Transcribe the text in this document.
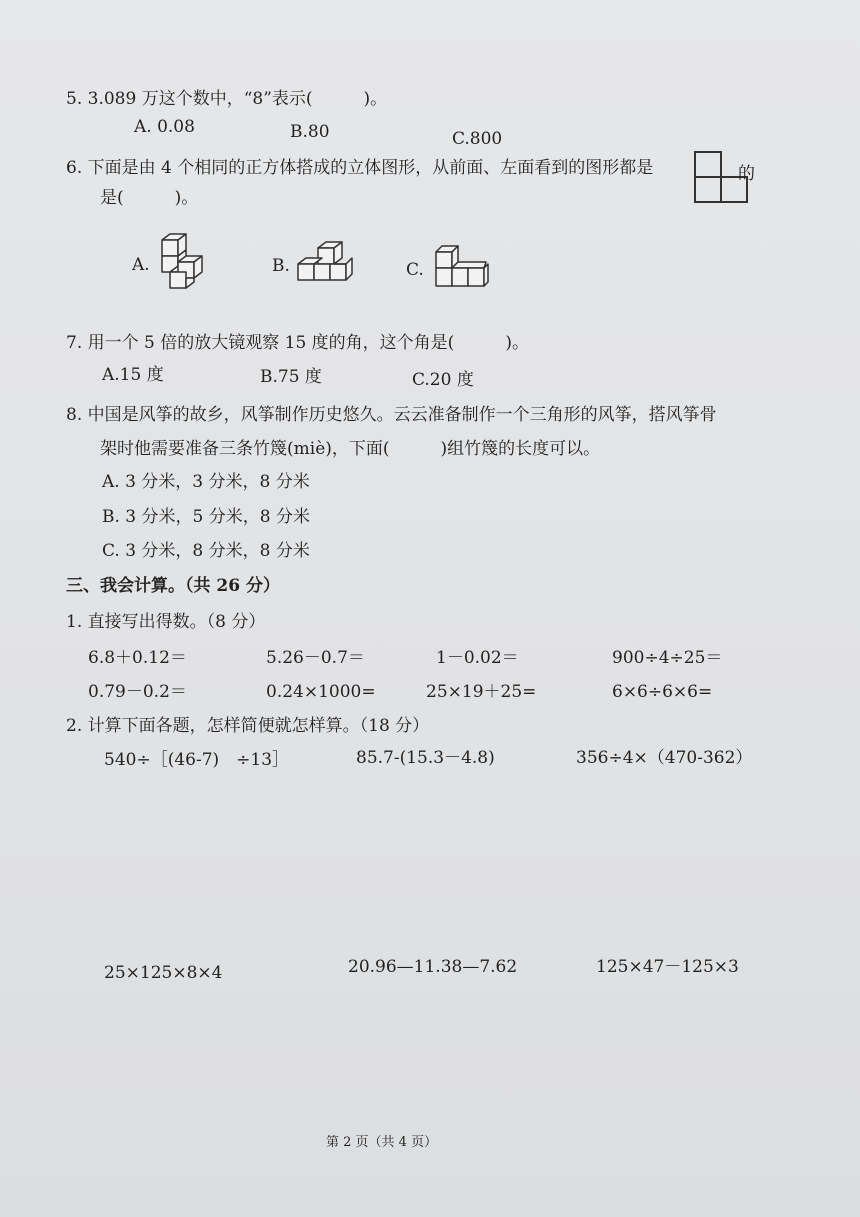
5. 3.089 万这个数中，“8”表示(　　　)。
A. 0.08	B.80	C.800
6. 下面是由 4 个相同的正方体搭成的立体图形，从前面、左面看到的图形都是	的
是(　　　)。
A.	B.	C.
7. 用一个 5 倍的放大镜观察 15 度的角，这个角是(　　　)。
A.15 度	B.75 度	C.20 度
8. 中国是风筝的故乡，风筝制作历史悠久。云云准备制作一个三角形的风筝，搭风筝骨
架时他需要准备三条竹篾(miè)，下面(　　　)组竹篾的长度可以。
A. 3 分米，3 分米，8 分米
B. 3 分米，5 分米，8 分米
C. 3 分米，8 分米，8 分米
三、我会计算。（共 26 分）
1. 直接写出得数。（8 分）
6.8＋0.12＝	5.26－0.7＝	1－0.02＝	900÷4÷25＝
0.79－0.2＝	0.24×1000=	25×19＋25=	6×6÷6×6=
2. 计算下面各题，怎样简便就怎样算。（18 分）
540÷［(46-7)　÷13］	85.7-(15.3－4.8)	356÷4×（470-362）
25×125×8×4	20.96—11.38—7.62	125×47－125×3
第 2 页（共 4 页）
